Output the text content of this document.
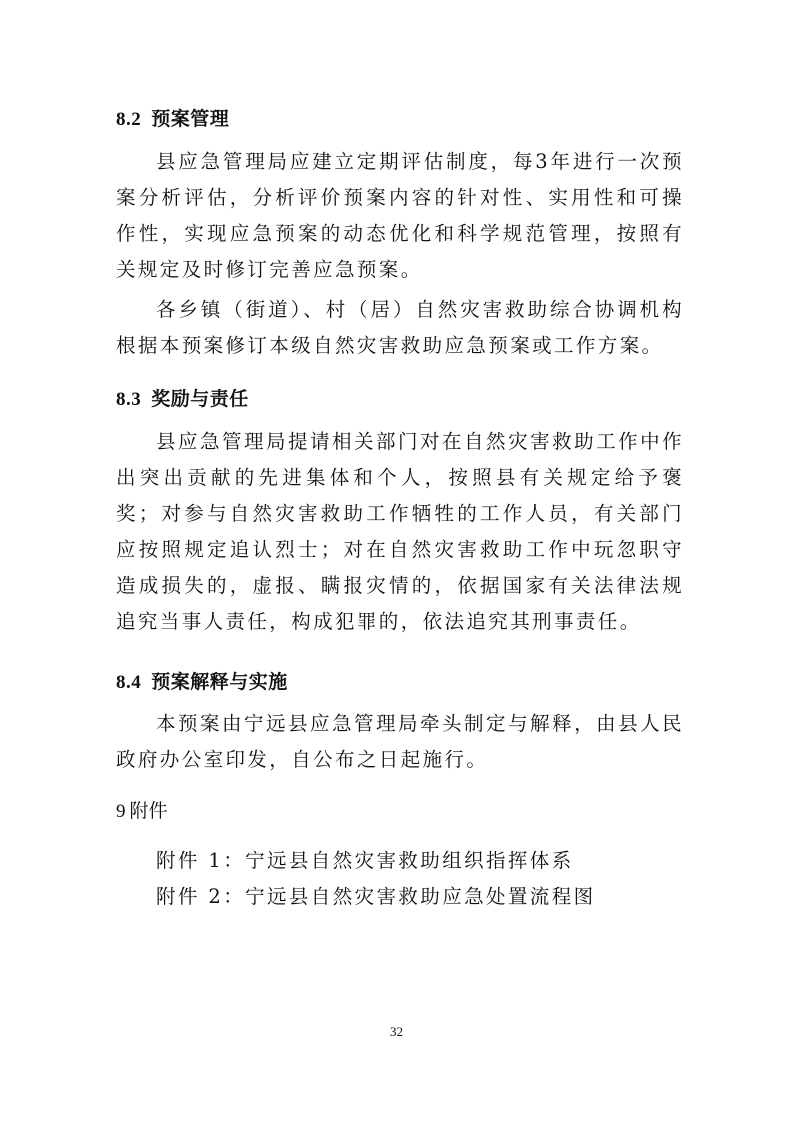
8.2 预案管理

县应急管理局应建立定期评估制度，每3年进行一次预案分析评估，分析评价预案内容的针对性、实用性和可操作性，实现应急预案的动态优化和科学规范管理，按照有关规定及时修订完善应急预案。

各乡镇（街道）、村（居）自然灾害救助综合协调机构根据本预案修订本级自然灾害救助应急预案或工作方案。

8.3 奖励与责任

县应急管理局提请相关部门对在自然灾害救助工作中作出突出贡献的先进集体和个人，按照县有关规定给予褒奖；对参与自然灾害救助工作牺牲的工作人员，有关部门应按照规定追认烈士；对在自然灾害救助工作中玩忽职守造成损失的，虚报、瞒报灾情的，依据国家有关法律法规追究当事人责任，构成犯罪的，依法追究其刑事责任。

8.4 预案解释与实施

本预案由宁远县应急管理局牵头制定与解释，由县人民政府办公室印发，自公布之日起施行。

9 附件
附件 1：宁远县自然灾害救助组织指挥体系
附件 2：宁远县自然灾害救助应急处置流程图
32
